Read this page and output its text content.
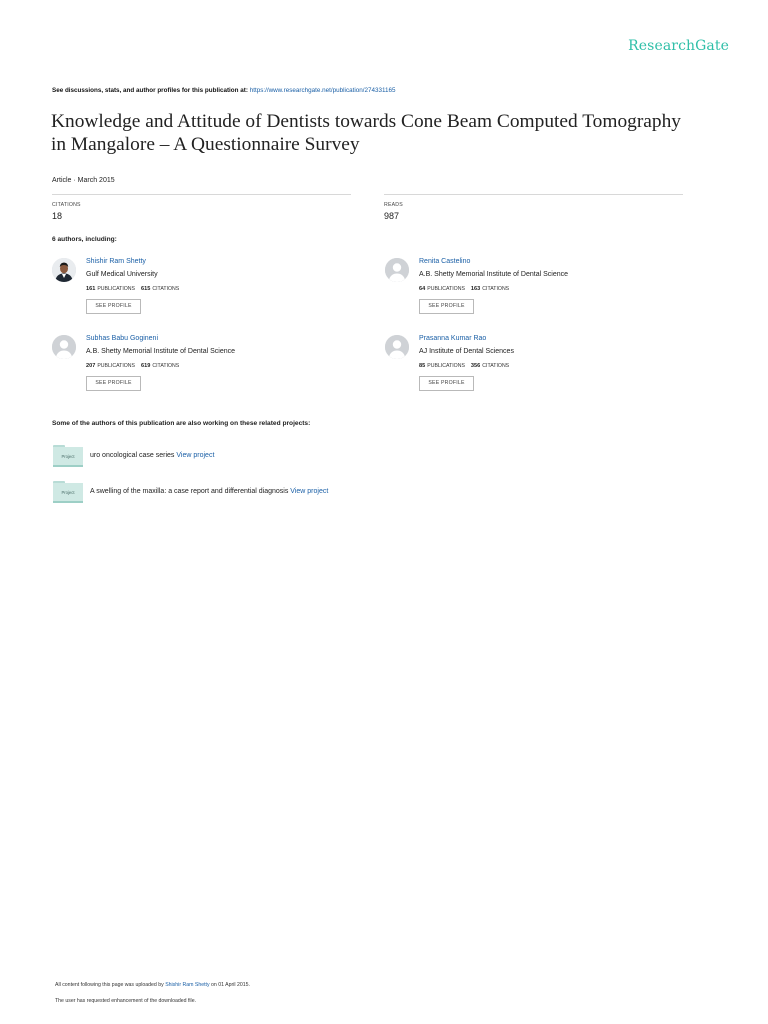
ResearchGate
See discussions, stats, and author profiles for this publication at: https://www.researchgate.net/publication/274331165
Knowledge and Attitude of Dentists towards Cone Beam Computed Tomography in Mangalore – A Questionnaire Survey
Article · March 2015
CITATIONS
18
READS
987
6 authors, including:
Shishir Ram Shetty
Gulf Medical University
161 PUBLICATIONS 615 CITATIONS
SEE PROFILE
Renita Castelino
A.B. Shetty Memorial Institute of Dental Science
64 PUBLICATIONS 163 CITATIONS
SEE PROFILE
Subhas Babu Gogineni
A.B. Shetty Memorial Institute of Dental Science
207 PUBLICATIONS 619 CITATIONS
SEE PROFILE
Prasanna Kumar Rao
AJ Institute of Dental Sciences
85 PUBLICATIONS 356 CITATIONS
SEE PROFILE
Some of the authors of this publication are also working on these related projects:
Project	uro oncological case series View project
Project	A swelling of the maxilla: a case report and differential diagnosis View project
All content following this page was uploaded by Shishir Ram Shetty on 01 April 2015.
The user has requested enhancement of the downloaded file.
